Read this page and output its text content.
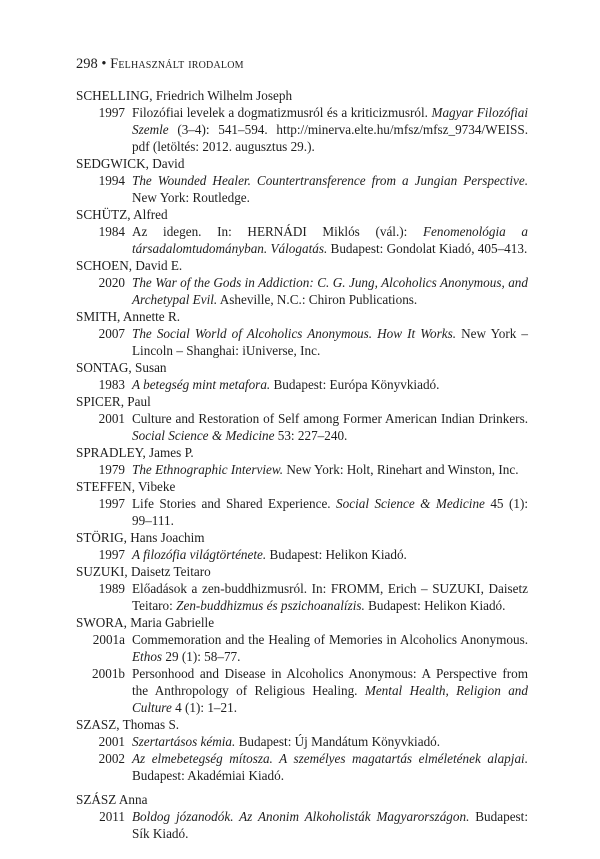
298 • Felhasznált irodalom
SCHELLING, Friedrich Wilhelm Joseph
1997 Filozófiai levelek a dogmatizmusról és a kriticizmusról. Magyar Filozófiai Szemle (3–4): 541–594. http://minerva.elte.hu/mfsz/mfsz_9734/WEISS. pdf (letöltés: 2012. augusztus 29.).
SEDGWICK, David
1994 The Wounded Healer. Countertransference from a Jungian Perspective. New York: Routledge.
SCHÜTZ, Alfred
1984 Az idegen. In: HERNÁDI Miklós (vál.): Fenomenológia a társadalomtudományban. Válogatás. Budapest: Gondolat Kiadó, 405–413.
SCHOEN, David E.
2020 The War of the Gods in Addiction: C. G. Jung, Alcoholics Anonymous, and Archetypal Evil. Asheville, N.C.: Chiron Publications.
SMITH, Annette R.
2007 The Social World of Alcoholics Anonymous. How It Works. New York – Lincoln – Shanghai: iUniverse, Inc.
SONTAG, Susan
1983 A betegség mint metafora. Budapest: Európa Könyvkiadó.
SPICER, Paul
2001 Culture and Restoration of Self among Former American Indian Drinkers. Social Science & Medicine 53: 227–240.
SPRADLEY, James P.
1979 The Ethnographic Interview. New York: Holt, Rinehart and Winston, Inc.
STEFFEN, Vibeke
1997 Life Stories and Shared Experience. Social Science & Medicine 45 (1): 99–111.
STÖRIG, Hans Joachim
1997 A filozófia világtörténete. Budapest: Helikon Kiadó.
SUZUKI, Daisetz Teitaro
1989 Előadások a zen-buddhizmusról. In: FROMM, Erich – SUZUKI, Daisetz Teitaro: Zen-buddhizmus és pszichoanalízis. Budapest: Helikon Kiadó.
SWORA, Maria Gabrielle
2001a Commemoration and the Healing of Memories in Alcoholics Anonymous. Ethos 29 (1): 58–77.
2001b Personhood and Disease in Alcoholics Anonymous: A Perspective from the Anthropology of Religious Healing. Mental Health, Religion and Culture 4 (1): 1–21.
SZASZ, Thomas S.
2001 Szertartásos kémia. Budapest: Új Mandátum Könyvkiadó.
2002 Az elmebetegség mítosza. A személyes magatartás elméletének alapjai. Budapest: Akadémiai Kiadó.
SZÁSZ Anna
2011 Boldog józanodók. Az Anonim Alkoholisták Magyarországon. Budapest: Sík Kiadó.
